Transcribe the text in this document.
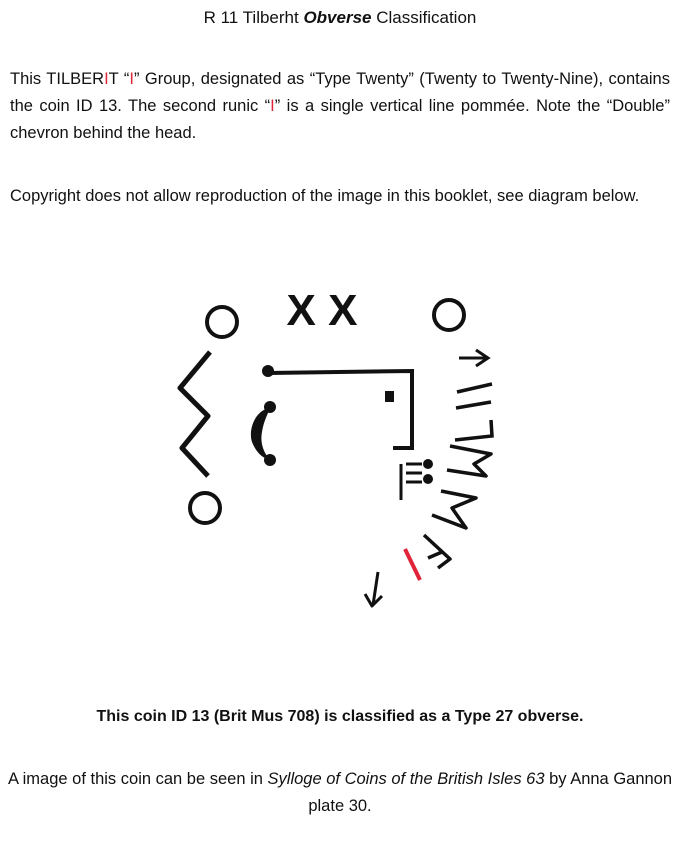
R 11 Tilberht Obverse Classification
This TILBERIT “I” Group, designated as “Type Twenty” (Twenty to Twenty-Nine), contains the coin ID 13. The second runic “I” is a single vertical line pommée. Note the “Double” chevron behind the head.
Copyright does not allow reproduction of the image in this booklet, see diagram below.
X X
This coin ID 13 (Brit Mus 708) is classified as a Type 27 obverse.
A image of this coin can be seen in Sylloge of Coins of the British Isles 63 by Anna Gannon plate 30.
